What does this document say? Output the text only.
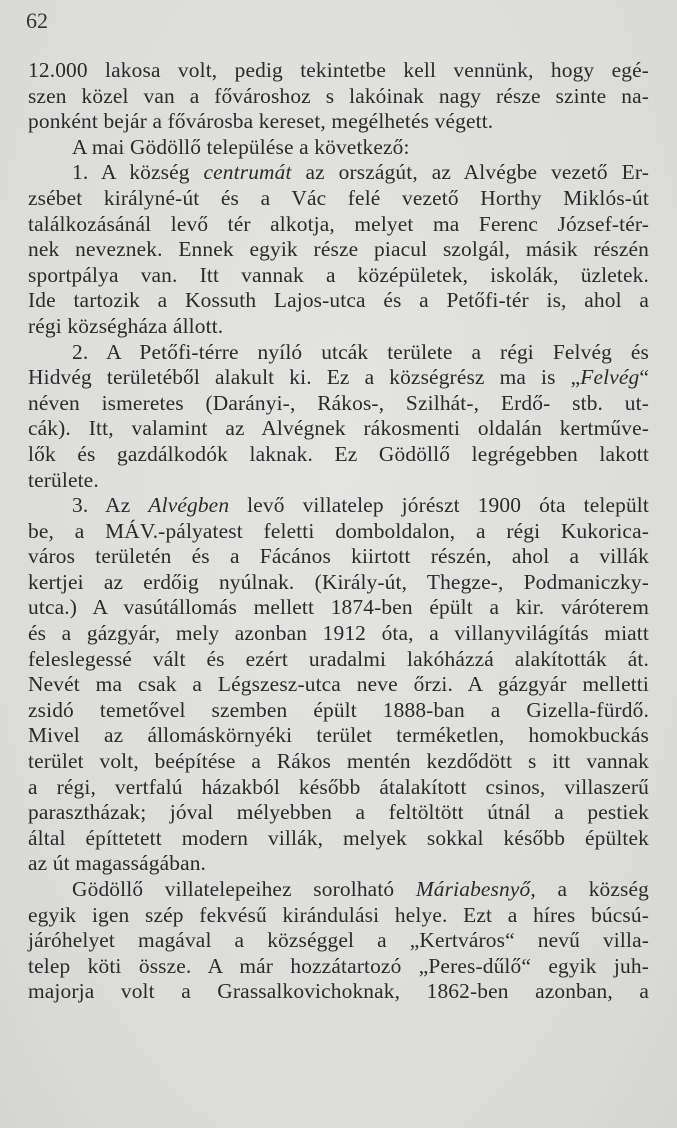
62
12.000 lakosa volt, pedig tekintetbe kell vennünk, hogy egé-
szen közel van a fővároshoz s lakóinak nagy része szinte na-
ponként bejár a fővárosba kereset, megélhetés végett.
A mai Gödöllő települése a következő:
1. A község centrumát az országút, az Alvégbe vezető Er-
zsébet királyné-út és a Vác felé vezető Horthy Miklós-út
találkozásánál levő tér alkotja, melyet ma Ferenc József-tér-
nek neveznek. Ennek egyik része piacul szolgál, másik részén
sportpálya van. Itt vannak a középületek, iskolák, üzletek.
Ide tartozik a Kossuth Lajos-utca és a Petőfi-tér is, ahol a
régi községháza állott.
2. A Petőfi-térre nyíló utcák területe a régi Felvég és
Hidvég területéből alakult ki. Ez a községrész ma is „Felvég“
néven ismeretes (Darányi-, Rákos-, Szilhát-, Erdő- stb. ut-
cák). Itt, valamint az Alvégnek rákosmenti oldalán kertműve-
lők és gazdálkodók laknak. Ez Gödöllő legrégebben lakott
területe.
3. Az Alvégben levő villatelep jórészt 1900 óta települt
be, a MÁV.-pályatest feletti domboldalon, a régi Kukorica-
város területén és a Fácános kiirtott részén, ahol a villák
kertjei az erdőig nyúlnak. (Király-út, Thegze-, Podmaniczky-
utca.) A vasútállomás mellett 1874-ben épült a kir. váróterem
és a gázgyár, mely azonban 1912 óta, a villanyvilágítás miatt
feleslegessé vált és ezért uradalmi lakóházzá alakították át.
Nevét ma csak a Légszesz-utca neve őrzi. A gázgyár melletti
zsidó temetővel szemben épült 1888-ban a Gizella-fürdő.
Mivel az állomáskörnyéki terület terméketlen, homokbuckás
terület volt, beépítése a Rákos mentén kezdődött s itt vannak
a régi, vertfalú házakból később átalakított csinos, villaszerű
parasztházak; jóval mélyebben a feltöltött útnál a pestiek
által építtetett modern villák, melyek sokkal később épültek
az út magasságában.
Gödöllő villatelepeihez sorolható Máriabesnyő, a község
egyik igen szép fekvésű kirándulási helye. Ezt a híres búcsú-
járóhelyet magával a községgel a „Kertváros“ nevű villa-
telep köti össze. A már hozzátartozó „Peres-dűlő“ egyik juh-
majorja volt a Grassalkovichoknak, 1862-ben azonban, a
